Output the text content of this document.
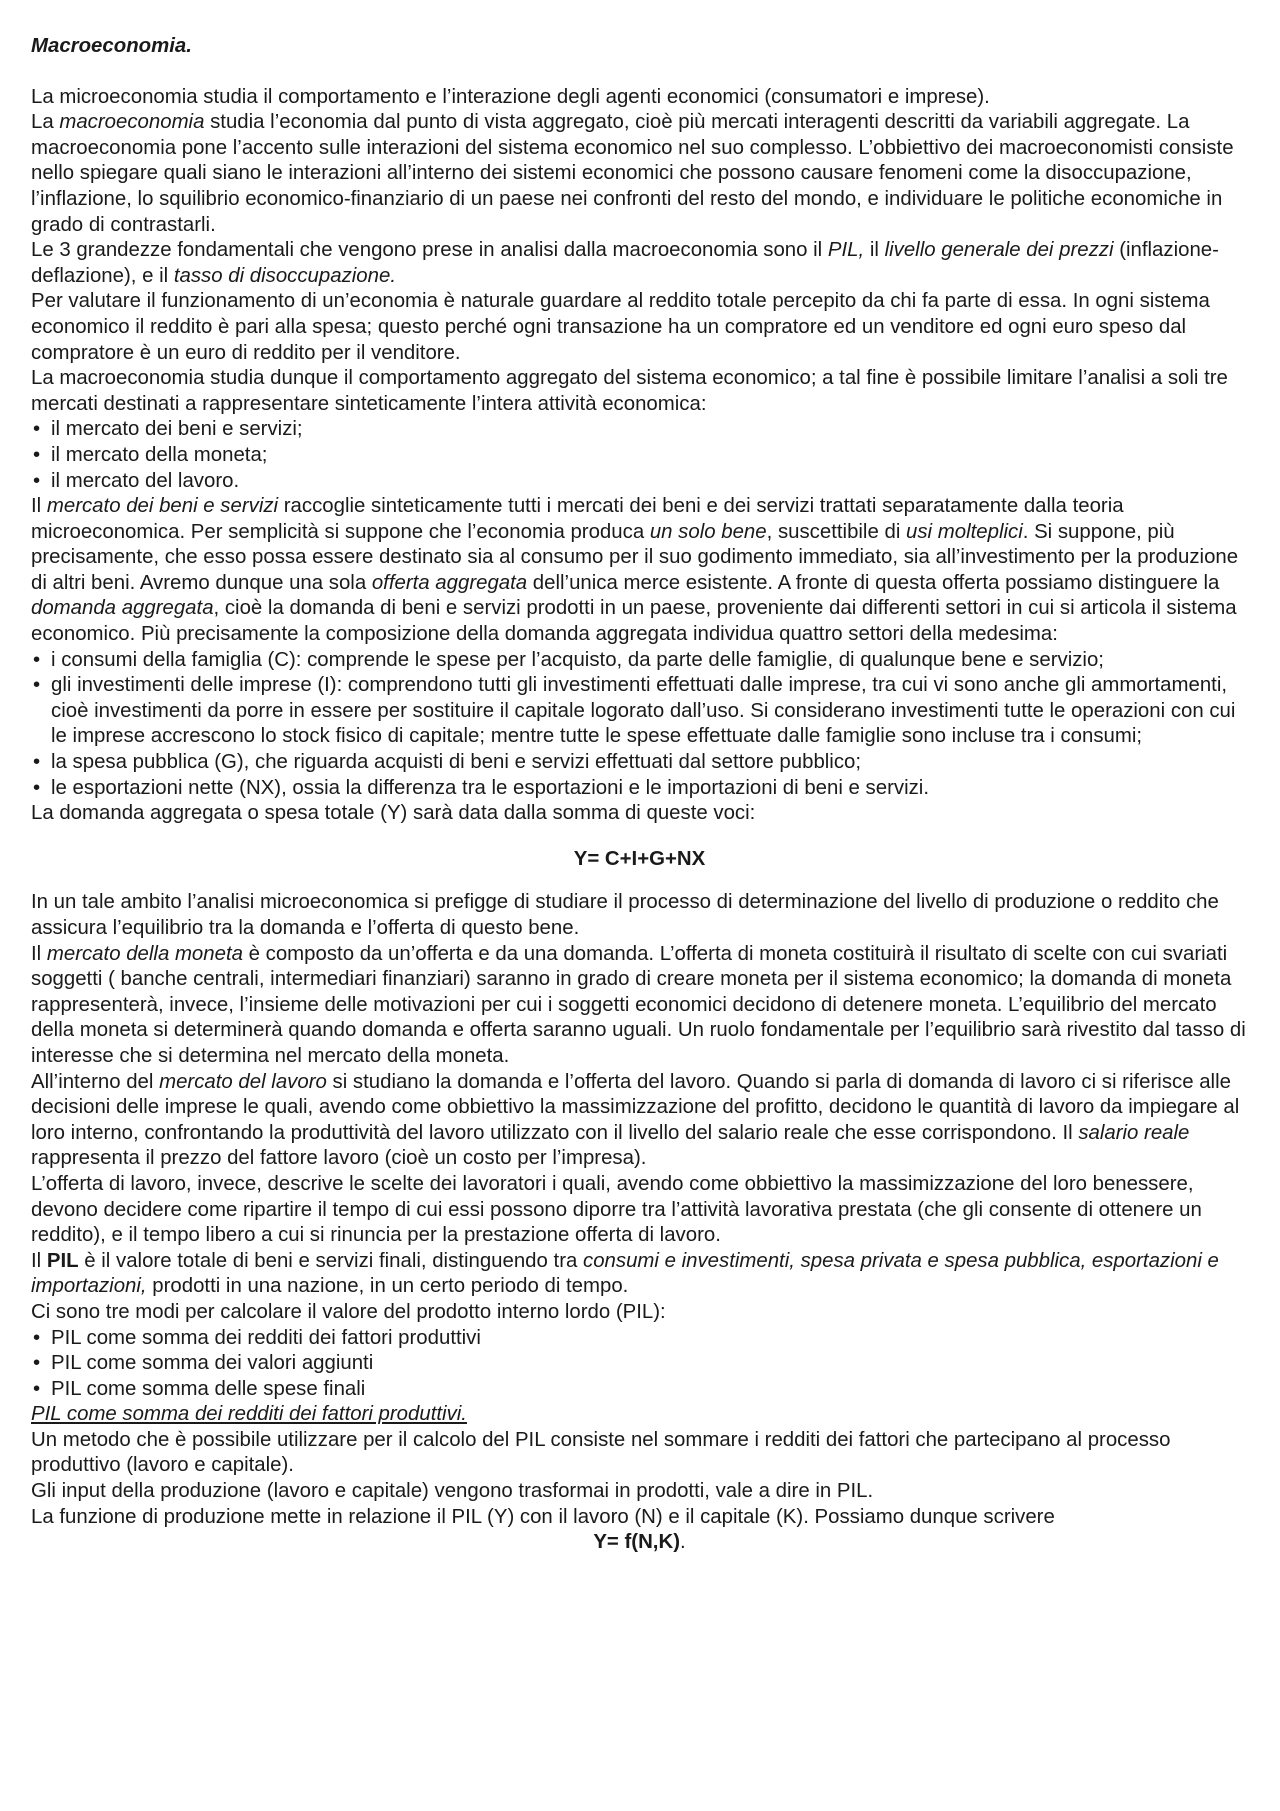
Macroeconomia.

La microeconomia studia il comportamento e l’interazione degli agenti economici (consumatori e imprese).

La macroeconomia studia l’economia dal punto di vista aggregato, cioè più mercati interagenti descritti da variabili aggregate. La macroeconomia pone l’accento sulle interazioni del sistema economico nel suo complesso. L’obbiettivo dei macroeconomisti consiste nello spiegare quali siano le interazioni all’interno dei sistemi economici che possono causare fenomeni come la disoccupazione, l’inflazione, lo squilibrio economico-finanziario di un paese nei confronti del resto del mondo, e individuare le politiche economiche in grado di contrastarli.

Le 3 grandezze fondamentali che vengono prese in analisi dalla macroeconomia sono il PIL, il livello generale dei prezzi (inflazione-deflazione), e il tasso di disoccupazione.

Per valutare il funzionamento di un’economia è naturale guardare al reddito totale percepito da chi fa parte di essa. In ogni sistema economico il reddito è pari alla spesa; questo perché ogni transazione ha un compratore ed un venditore ed ogni euro speso dal compratore è un euro di reddito per il venditore.

La macroeconomia studia dunque il comportamento aggregato del sistema economico; a tal fine è possibile limitare l’analisi a soli tre mercati destinati a rappresentare sinteticamente l’intera attività economica:

• il mercato dei beni e servizi;
• il mercato della moneta;
• il mercato del lavoro.

Il mercato dei beni e servizi raccoglie sinteticamente tutti i mercati dei beni e dei servizi trattati separatamente dalla teoria microeconomica. Per semplicità si suppone che l’economia produca un solo bene, suscettibile di usi molteplici. Si suppone, più precisamente, che esso possa essere destinato sia al consumo per il suo godimento immediato, sia all’investimento per la produzione di altri beni. Avremo dunque una sola offerta aggregata dell’unica merce esistente. A fronte di questa offerta possiamo distinguere la domanda aggregata, cioè la domanda di beni e servizi prodotti in un paese, proveniente dai differenti settori in cui si articola il sistema economico. Più precisamente la composizione della domanda aggregata individua quattro settori della medesima:

• i consumi della famiglia (C): comprende le spese per l’acquisto, da parte delle famiglie, di qualunque bene e servizio;
• gli investimenti delle imprese (I): comprendono tutti gli investimenti effettuati dalle imprese, tra cui vi sono anche gli ammortamenti, cioè investimenti da porre in essere per sostituire il capitale logorato dall’uso. Si considerano investimenti tutte le operazioni con cui le imprese accrescono lo stock fisico di capitale; mentre tutte le spese effettuate dalle famiglie sono incluse tra i consumi;
• la spesa pubblica (G), che riguarda acquisti di beni e servizi effettuati dal settore pubblico;
• le esportazioni nette (NX), ossia la differenza tra le esportazioni e le importazioni di beni e servizi.

La domanda aggregata o spesa totale (Y) sarà data dalla somma di queste voci:

Y= C+I+G+NX

In un tale ambito l’analisi microeconomica si prefigge di studiare il processo di determinazione del livello di produzione o reddito che assicura l’equilibrio tra la domanda e l’offerta di questo bene.

Il mercato della moneta è composto da un’offerta e da una domanda. L’offerta di moneta costituirà il risultato di scelte con cui svariati soggetti ( banche centrali, intermediari finanziari) saranno in grado di creare moneta per il sistema economico; la domanda di moneta rappresenterà, invece, l’insieme delle motivazioni per cui i soggetti economici decidono di detenere moneta. L’equilibrio del mercato della moneta si determinerà quando domanda e offerta saranno uguali. Un ruolo fondamentale per l’equilibrio sarà rivestito dal tasso di interesse che si determina nel mercato della moneta.

All’interno del mercato del lavoro si studiano la domanda e l’offerta del lavoro. Quando si parla di domanda di lavoro ci si riferisce alle decisioni delle imprese le quali, avendo come obbiettivo la massimizzazione del profitto, decidono le quantità di lavoro da impiegare al loro interno, confrontando la produttività del lavoro utilizzato con il livello del salario reale che esse corrispondono. Il salario reale rappresenta il prezzo del fattore lavoro (cioè un costo per l’impresa).

L’offerta di lavoro, invece, descrive le scelte dei lavoratori i quali, avendo come obbiettivo la massimizzazione del loro benessere, devono decidere come ripartire il tempo di cui essi possono diporre tra l’attività lavorativa prestata (che gli consente di ottenere un reddito), e il tempo libero a cui si rinuncia per la prestazione offerta di lavoro.

Il PIL è il valore totale di beni e servizi finali, distinguendo tra consumi e investimenti, spesa privata e spesa pubblica, esportazioni e importazioni, prodotti in una nazione, in un certo periodo di tempo.

Ci sono tre modi per calcolare il valore del prodotto interno lordo (PIL):

• PIL come somma dei redditi dei fattori produttivi
• PIL come somma dei valori aggiunti
• PIL come somma delle spese finali

PIL come somma dei redditi dei fattori produttivi.

Un metodo che è possibile utilizzare per il calcolo del PIL consiste nel sommare i redditi dei fattori che partecipano al processo produttivo (lavoro e capitale).

Gli input della produzione (lavoro e capitale) vengono trasformai in prodotti, vale a dire in PIL.

La funzione di produzione mette in relazione il PIL (Y) con il lavoro (N) e il capitale (K). Possiamo dunque scrivere

Y= f(N,K).
